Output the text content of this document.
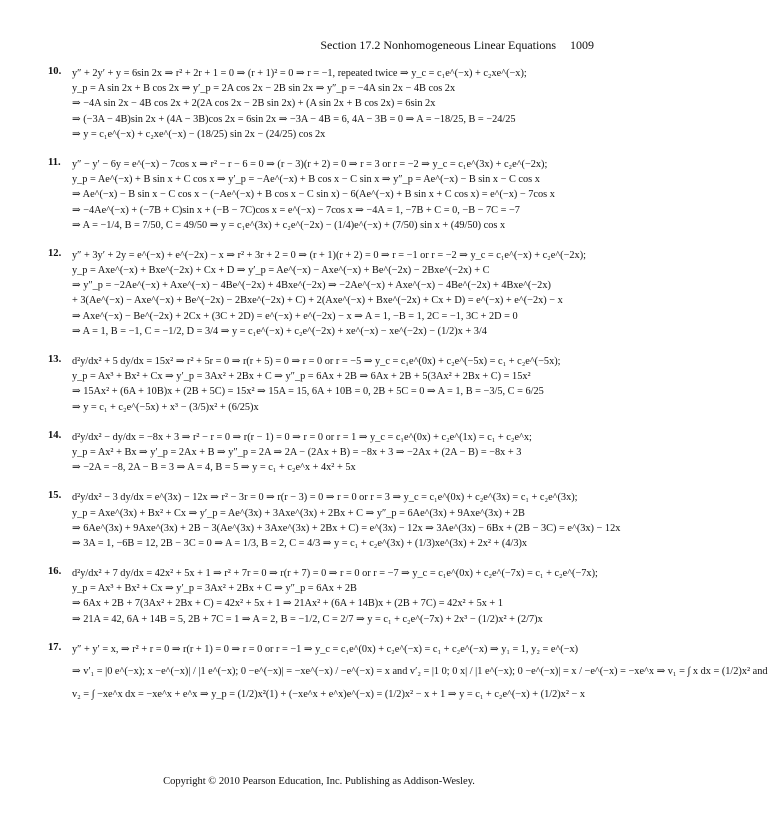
Section 17.2 Nonhomogeneous Linear Equations 1009
10. y″ + 2y′ + y = 6sin 2x ⇒ r² + 2r + 1 = 0 ⇒ (r + 1)² = 0 ⇒ r = −1, repeated twice ⇒ y_c = c₁e^(−x) + c₂xe^(−x);
y_p = A sin 2x + B cos 2x ⇒ y′_p = 2A cos 2x − 2B sin 2x ⇒ y″_p = −4A sin 2x − 4B cos 2x
⇒ −4A sin 2x − 4B cos 2x + 2(2A cos 2x − 2B sin 2x) + (A sin 2x + B cos 2x) = 6sin 2x
⇒ (−3A − 4B)sin 2x + (4A − 3B)cos 2x = 6sin 2x ⇒ −3A − 4B = 6, 4A − 3B = 0 ⇒ A = −18/25, B = −24/25
⇒ y = c₁e^(−x) + c₂xe^(−x) − (18/25) sin 2x − (24/25) cos 2x
11. y″ − y′ − 6y = e^(−x) − 7cos x ⇒ r² − r − 6 = 0 ⇒ (r − 3)(r + 2) = 0 ⇒ r = 3 or r = −2 ⇒ y_c = c₁e^(3x) + c₂e^(−2x);
y_p = Ae^(−x) + B sin x + C cos x ⇒ y′_p = −Ae^(−x) + B cos x − C sin x ⇒ y″_p = Ae^(−x) − B sin x − C cos x
⇒ Ae^(−x) − B sin x − C cos x − (−Ae^(−x) + B cos x − C sin x) − 6(Ae^(−x) + B sin x + C cos x) = e^(−x) − 7cos x
⇒ −4Ae^(−x) + (−7B + C)sin x + (−B − 7C)cos x = e^(−x) − 7cos x ⇒ −4A = 1, −7B + C = 0, −B − 7C = −7
⇒ A = −1/4, B = 7/50, C = 49/50 ⇒ y = c₁e^(3x) + c₂e^(−2x) − (1/4)e^(−x) + (7/50) sin x + (49/50) cos x
12. y″ + 3y′ + 2y = e^(−x) + e^(−2x) − x ⇒ r² + 3r + 2 = 0 ⇒ (r + 1)(r + 2) = 0 ⇒ r = −1 or r = −2 ⇒ y_c = c₁e^(−x) + c₂e^(−2x);
y_p = Axe^(−x) + Bxe^(−2x) + Cx + D ⇒ y′_p = Ae^(−x) − Axe^(−x) + Be^(−2x) − 2Bxe^(−2x) + C
⇒ y″_p = −2Ae^(−x) + Axe^(−x) − 4Be^(−2x) + 4Bxe^(−2x) ⇒ −2Ae^(−x) + Axe^(−x) − 4Be^(−2x) + 4Bxe^(−2x)
+ 3(Ae^(−x) − Axe^(−x) + Be^(−2x) − 2Bxe^(−2x) + C) + 2(Axe^(−x) + Bxe^(−2x) + Cx + D) = e^(−x) + e^(−2x) − x
⇒ Axe^(−x) − Be^(−2x) + 2Cx + (3C + 2D) = e^(−x) + e^(−2x) − x ⇒ A = 1, −B = 1, 2C = −1, 3C + 2D = 0
⇒ A = 1, B = −1, C = −1/2, D = 3/4 ⇒ y = c₁e^(−x) + c₂e^(−2x) + xe^(−x) − xe^(−2x) − (1/2)x + 3/4
13. d²y/dx² + 5 dy/dx = 15x² ⇒ r² + 5r = 0 ⇒ r(r + 5) = 0 ⇒ r = 0 or r = −5 ⇒ y_c = c₁e^(0x) + c₂e^(−5x) = c₁ + c₂e^(−5x);
y_p = Ax³ + Bx² + Cx ⇒ y′_p = 3Ax² + 2Bx + C ⇒ y″_p = 6Ax + 2B ⇒ 6Ax + 2B + 5(3Ax² + 2Bx + C) = 15x²
⇒ 15Ax² + (6A + 10B)x + (2B + 5C) = 15x² ⇒ 15A = 15, 6A + 10B = 0, 2B + 5C = 0 ⇒ A = 1, B = −3/5, C = 6/25
⇒ y = c₁ + c₂e^(−5x) + x³ − (3/5)x² + (6/25)x
14. d²y/dx² − dy/dx = −8x + 3 ⇒ r² − r = 0 ⇒ r(r − 1) = 0 ⇒ r = 0 or r = 1 ⇒ y_c = c₁e^(0x) + c₂e^(1x) = c₁ + c₂e^x;
y_p = Ax² + Bx ⇒ y′_p = 2Ax + B ⇒ y″_p = 2A ⇒ 2A − (2Ax + B) = −8x + 3 ⇒ −2Ax + (2A − B) = −8x + 3
⇒ −2A = −8, 2A − B = 3 ⇒ A = 4, B = 5 ⇒ y = c₁ + c₂e^x + 4x² + 5x
15. d²y/dx² − 3 dy/dx = e^(3x) − 12x ⇒ r² − 3r = 0 ⇒ r(r − 3) = 0 ⇒ r = 0 or r = 3 ⇒ y_c = c₁e^(0x) + c₂e^(3x) = c₁ + c₂e^(3x);
y_p = Axe^(3x) + Bx² + Cx ⇒ y′_p = Ae^(3x) + 3Axe^(3x) + 2Bx + C ⇒ y″_p = 6Ae^(3x) + 9Axe^(3x) + 2B
⇒ 6Ae^(3x) + 9Axe^(3x) + 2B − 3(Ae^(3x) + 3Axe^(3x) + 2Bx + C) = e^(3x) − 12x ⇒ 3Ae^(3x) − 6Bx + (2B − 3C) = e^(3x) − 12x
⇒ 3A = 1, −6B = 12, 2B − 3C = 0 ⇒ A = 1/3, B = 2, C = 4/3 ⇒ y = c₁ + c₂e^(3x) + (1/3)xe^(3x) + 2x² + (4/3)x
16. d²y/dx² + 7 dy/dx = 42x² + 5x + 1 ⇒ r² + 7r = 0 ⇒ r(r + 7) = 0 ⇒ r = 0 or r = −7 ⇒ y_c = c₁e^(0x) + c₂e^(−7x) = c₁ + c₂e^(−7x);
y_p = Ax³ + Bx² + Cx ⇒ y′_p = 3Ax² + 2Bx + C ⇒ y″_p = 6Ax + 2B
⇒ 6Ax + 2B + 7(3Ax² + 2Bx + C) = 42x² + 5x + 1 ⇒ 21Ax² + (6A + 14B)x + (2B + 7C) = 42x² + 5x + 1
⇒ 21A = 42, 6A + 14B = 5, 2B + 7C = 1 ⇒ A = 2, B = −1/2, C = 2/7 ⇒ y = c₁ + c₂e^(−7x) + 2x³ − (1/2)x² + (2/7)x
17. y″ + y′ = x, ⇒ r² + r = 0 ⇒ r(r + 1) = 0 ⇒ r = 0 or r = −1 ⇒ y_c = c₁e^(0x) + c₂e^(−x) = c₁ + c₂e^(−x) ⇒ y₁ = 1, y₂ = e^(−x)
⇒ v′₁ = |0 e^(−x); x −e^(−x)| / |1 e^(−x); 0 −e^(−x)| = −xe^(−x) / −e^(−x) = x and v′₂ = |1 0; 0 x| / |1 e^(−x); 0 −e^(−x)| = x / −e^(−x) = −xe^x ⇒ v₁ = ∫ x dx = (1/2)x² and
v₂ = ∫ −xe^x dx = −xe^x + e^x ⇒ y_p = (1/2)x²(1) + (−xe^x + e^x)e^(−x) = (1/2)x² − x + 1 ⇒ y = c₁ + c₂e^(−x) + (1/2)x² − x
Copyright © 2010 Pearson Education, Inc. Publishing as Addison-Wesley.
